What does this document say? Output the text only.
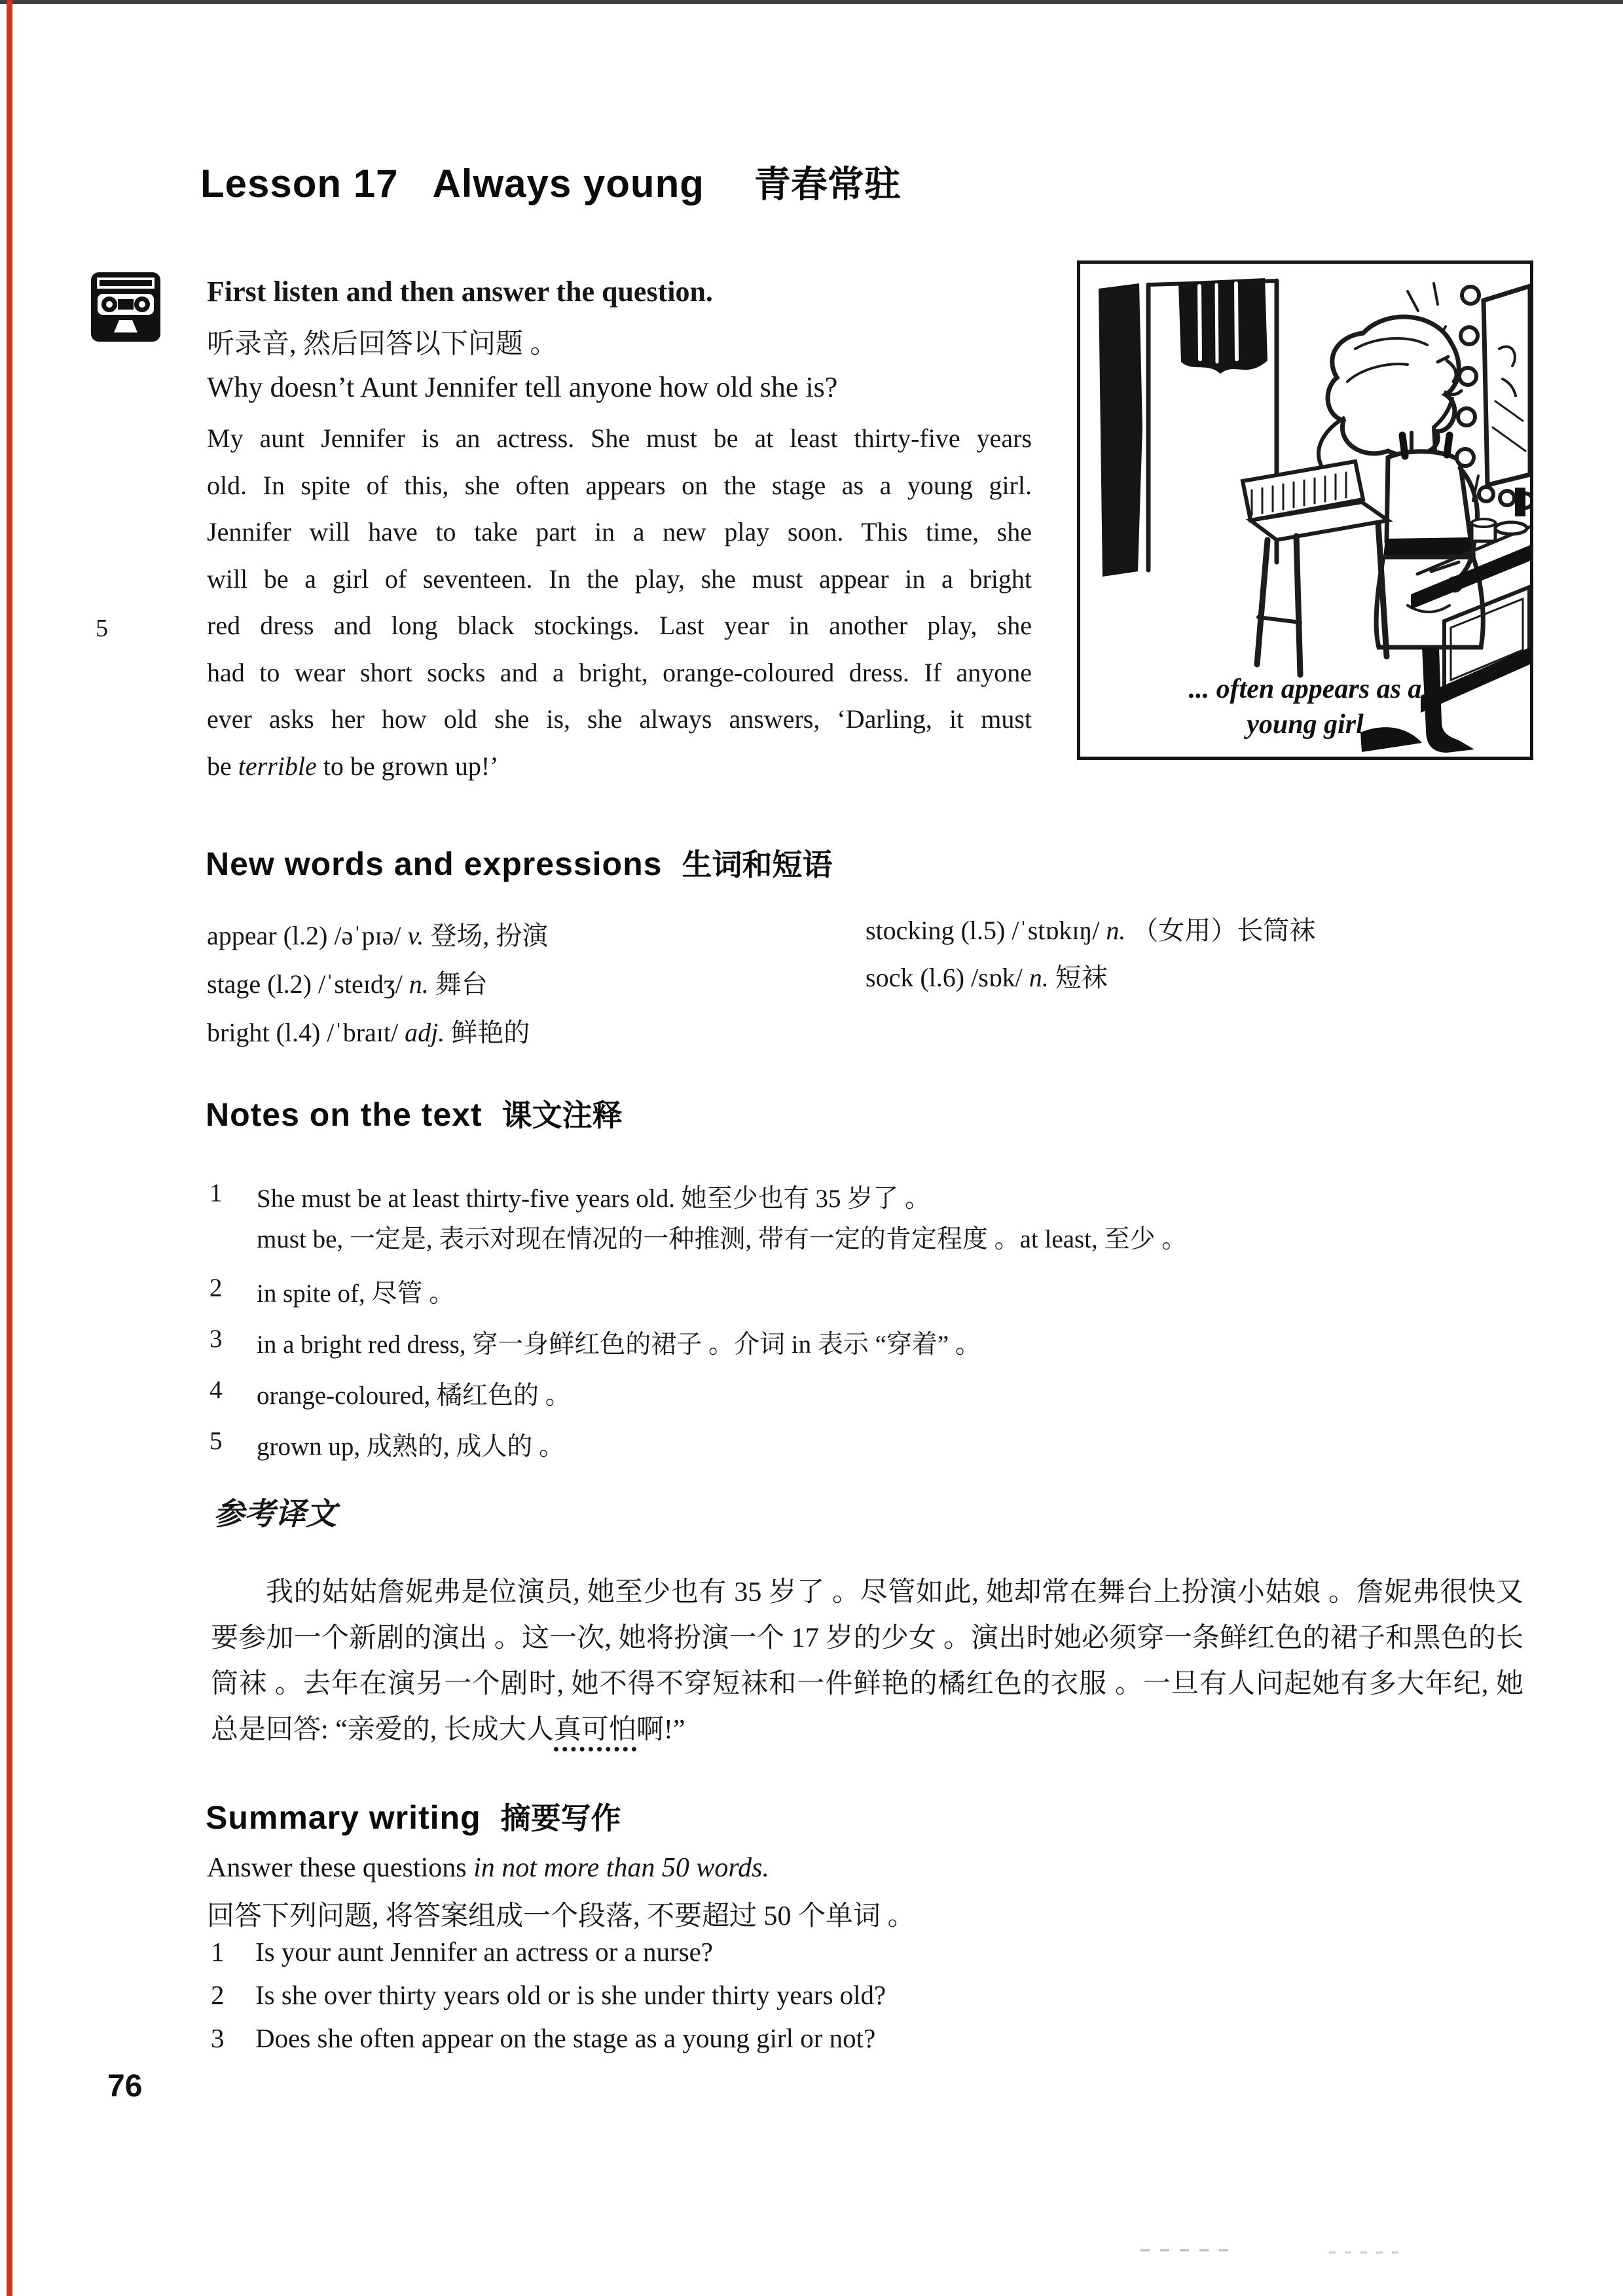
Lesson 17 Always young 青春常驻
First listen and then answer the question.
听录音, 然后回答以下问题 。
Why doesn’t Aunt Jennifer tell anyone how old she is?
5
My aunt Jennifer is an actress. She must be at least thirty-five years
old. In spite of this, she often appears on the stage as a young girl.
Jennifer will have to take part in a new play soon. This time, she
will be a girl of seventeen. In the play, she must appear in a bright
red dress and long black stockings. Last year in another play, she
had to wear short socks and a bright, orange-coloured dress. If anyone
ever asks her how old she is, she always answers, ‘Darling, it must
be terrible to be grown up!’
... often appears as a
young girl
New words and expressions 生词和短语
appear (l.2) /əˈpɪə/ v. 登场, 扮演
stage (l.2) /ˈsteɪdʒ/ n. 舞台
bright (l.4) /ˈbraɪt/ adj. 鲜艳的
stocking (l.5) /ˈstɒkɪŋ/ n. （女用）长筒袜
sock (l.6) /sɒk/ n. 短袜
Notes on the text 课文注释
1 She must be at least thirty-five years old. 她至少也有 35 岁了 。
must be, 一定是, 表示对现在情况的一种推测, 带有一定的肯定程度 。at least, 至少 。
2 in spite of, 尽管 。
3 in a bright red dress, 穿一身鲜红色的裙子 。介词 in 表示 “穿着” 。
4 orange-coloured, 橘红色的 。
5 grown up, 成熟的, 成人的 。
参考译文
我的姑姑詹妮弗是位演员, 她至少也有 35 岁了 。尽管如此, 她却常在舞台上扮演小姑娘 。詹妮弗很快又
要参加一个新剧的演出 。这一次, 她将扮演一个 17 岁的少女 。演出时她必须穿一条鲜红色的裙子和黑色的长
筒袜 。去年在演另一个剧时, 她不得不穿短袜和一件鲜艳的橘红色的衣服 。一旦有人问起她有多大年纪, 她
总是回答: “亲爱的, 长成大人真可怕啊!”
Summary writing 摘要写作
Answer these questions in not more than 50 words.
回答下列问题, 将答案组成一个段落, 不要超过 50 个单词 。
1 Is your aunt Jennifer an actress or a nurse?
2 Is she over thirty years old or is she under thirty years old?
3 Does she often appear on the stage as a young girl or not?
76
